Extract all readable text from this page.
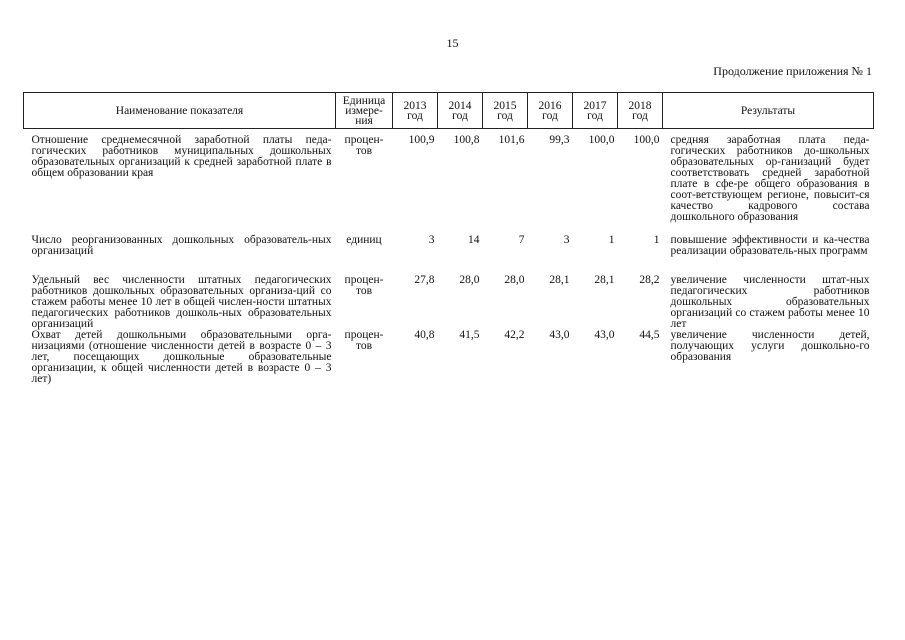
15
Продолжение приложения № 1
Наименование показателя	Единица измере-ния	2013 год	2014 год	2015 год	2016 год	2017 год	2018 год	Результаты

Отношение среднемесячной заработной платы педа-гогических работников муниципальных дошкольных образовательных организаций к средней заработной плате в общем образовании края	процен-тов	100,9	100,8	101,6	99,3	100,0	100,0	средняя заработная плата педа-гогических работников до-школьных образовательных ор-ганизаций будет соответствовать средней заработной плате в сфе-ре общего образования в соот-ветствующем регионе, повысит-ся качество кадрового состава дошкольного образования
Число реорганизованных дошкольных образователь-ных организаций	единиц	3	14	7	3	1	1	повышение эффективности и ка-чества реализации образователь-ных программ
Удельный вес численности штатных педагогических работников дошкольных образовательных организа-ций со стажем работы менее 10 лет в общей числен-ности штатных педагогических работников дошколь-ных образовательных организаций	процен-тов	27,8	28,0	28,0	28,1	28,1	28,2	увеличение численности штат-ных педагогических работников дошкольных образовательных организаций со стажем работы менее 10 лет
Охват детей дошкольными образовательными орга-низациями (отношение численности детей в возрасте 0 – 3 лет, посещающих дошкольные образовательные организации, к общей численности детей в возрасте 0 – 3 лет)	процен-тов	40,8	41,5	42,2	43,0	43,0	44,5	увеличение численности детей, получающих услуги дошкольно-го образования
